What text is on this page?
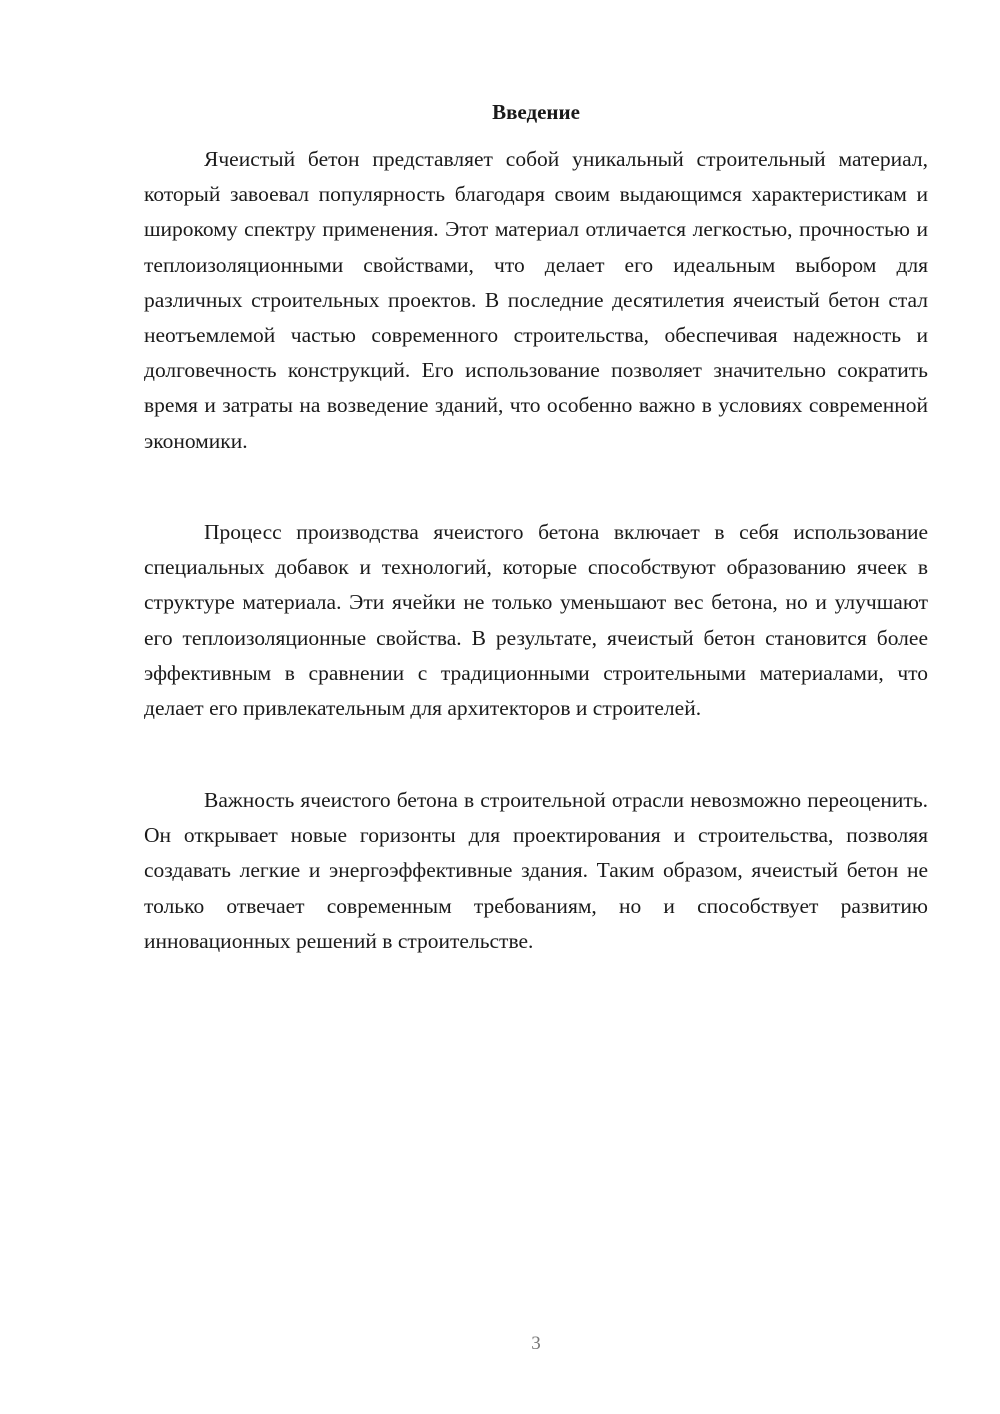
Введение

Ячеистый бетон представляет собой уникальный строительный материал, который завоевал популярность благодаря своим выдающимся характеристикам и широкому спектру применения. Этот материал отличается легкостью, прочностью и теплоизоляционными свойствами, что делает его идеальным выбором для различных строительных проектов. В последние десятилетия ячеистый бетон стал неотъемлемой частью современного строительства, обеспечивая надежность и долговечность конструкций. Его использование позволяет значительно сократить время и затраты на возведение зданий, что особенно важно в условиях современной экономики.

Процесс производства ячеистого бетона включает в себя использование специальных добавок и технологий, которые способствуют образованию ячеек в структуре материала. Эти ячейки не только уменьшают вес бетона, но и улучшают его теплоизоляционные свойства. В результате, ячеистый бетон становится более эффективным в сравнении с традиционными строительными материалами, что делает его привлекательным для архитекторов и строителей.

Важность ячеистого бетона в строительной отрасли невозможно переоценить. Он открывает новые горизонты для проектирования и строительства, позволяя создавать легкие и энергоэффективные здания. Таким образом, ячеистый бетон не только отвечает современным требованиям, но и способствует развитию инновационных решений в строительстве.

3
